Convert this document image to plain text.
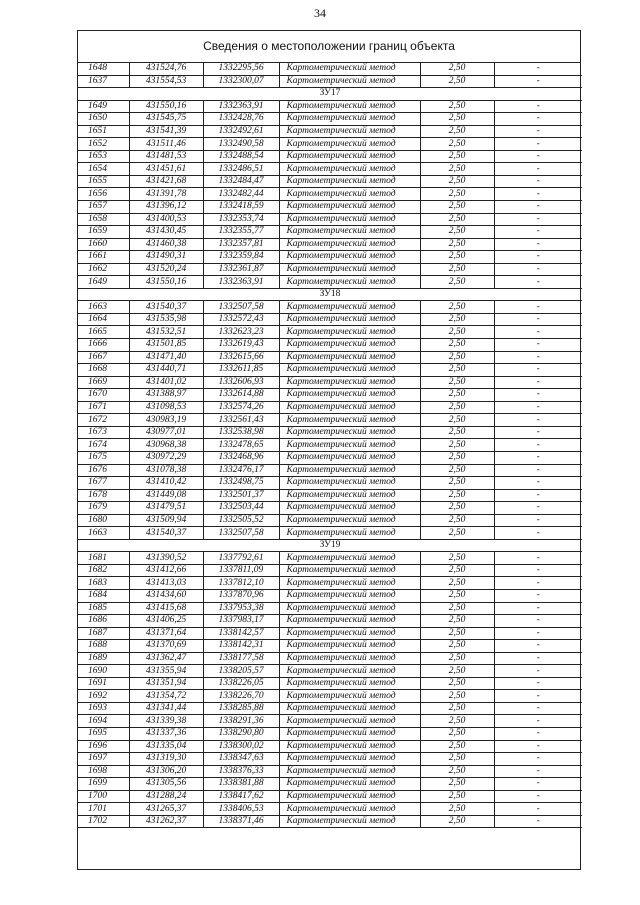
34
Сведения о местоположении границ объекта
1648	431524,76	1332295,56	Картометрический метод	2,50	-
1637	431554,53	1332300,07	Картометрический метод	2,50	-
ЗУ17					
1649	431550,16	1332363,91	Картометрический метод	2,50	-
1650	431545,75	1332428,76	Картометрический метод	2,50	-
1651	431541,39	1332492,61	Картометрический метод	2,50	-
1652	431511,46	1332490,58	Картометрический метод	2,50	-
1653	431481,53	1332488,54	Картометрический метод	2,50	-
1654	431451,61	1332486,51	Картометрический метод	2,50	-
1655	431421,68	1332484,47	Картометрический метод	2,50	-
1656	431391,78	1332482,44	Картометрический метод	2,50	-
1657	431396,12	1332418,59	Картометрический метод	2,50	-
1658	431400,53	1332353,74	Картометрический метод	2,50	-
1659	431430,45	1332355,77	Картометрический метод	2,50	-
1660	431460,38	1332357,81	Картометрический метод	2,50	-
1661	431490,31	1332359,84	Картометрический метод	2,50	-
1662	431520,24	1332361,87	Картометрический метод	2,50	-
1649	431550,16	1332363,91	Картометрический метод	2,50	-
ЗУ18					
1663	431540,37	1332507,58	Картометрический метод	2,50	-
1664	431535,98	1332572,43	Картометрический метод	2,50	-
1665	431532,51	1332623,23	Картометрический метод	2,50	-
1666	431501,85	1332619,43	Картометрический метод	2,50	-
1667	431471,40	1332615,66	Картометрический метод	2,50	-
1668	431440,71	1332611,85	Картометрический метод	2,50	-
1669	431401,02	1332606,93	Картометрический метод	2,50	-
1670	431388,97	1332614,88	Картометрический метод	2,50	-
1671	431098,53	1332574,26	Картометрический метод	2,50	-
1672	430983,19	1332561,43	Картометрический метод	2,50	-
1673	430977,01	1332538,98	Картометрический метод	2,50	-
1674	430968,38	1332478,65	Картометрический метод	2,50	-
1675	430972,29	1332468,96	Картометрический метод	2,50	-
1676	431078,38	1332476,17	Картометрический метод	2,50	-
1677	431410,42	1332498,75	Картометрический метод	2,50	-
1678	431449,08	1332501,37	Картометрический метод	2,50	-
1679	431479,51	1332503,44	Картометрический метод	2,50	-
1680	431509,94	1332505,52	Картометрический метод	2,50	-
1663	431540,37	1332507,58	Картометрический метод	2,50	-
ЗУ19					
1681	431390,52	1337792,61	Картометрический метод	2,50	-
1682	431412,66	1337811,09	Картометрический метод	2,50	-
1683	431413,03	1337812,10	Картометрический метод	2,50	-
1684	431434,60	1337870,96	Картометрический метод	2,50	-
1685	431415,68	1337953,38	Картометрический метод	2,50	-
1686	431406,25	1337983,17	Картометрический метод	2,50	-
1687	431371,64	1338142,57	Картометрический метод	2,50	-
1688	431370,69	1338142,31	Картометрический метод	2,50	-
1689	431362,47	1338177,58	Картометрический метод	2,50	-
1690	431355,94	1338205,57	Картометрический метод	2,50	-
1691	431351,94	1338226,05	Картометрический метод	2,50	-
1692	431354,72	1338226,70	Картометрический метод	2,50	-
1693	431341,44	1338285,88	Картометрический метод	2,50	-
1694	431339,38	1338291,36	Картометрический метод	2,50	-
1695	431337,36	1338290,80	Картометрический метод	2,50	-
1696	431335,04	1338300,02	Картометрический метод	2,50	-
1697	431319,30	1338347,63	Картометрический метод	2,50	-
1698	431306,20	1338376,33	Картометрический метод	2,50	-
1699	431305,56	1338381,88	Картометрический метод	2,50	-
1700	431288,24	1338417,62	Картометрический метод	2,50	-
1701	431265,37	1338406,53	Картометрический метод	2,50	-
1702	431262,37	1338371,46	Картометрический метод	2,50	-
